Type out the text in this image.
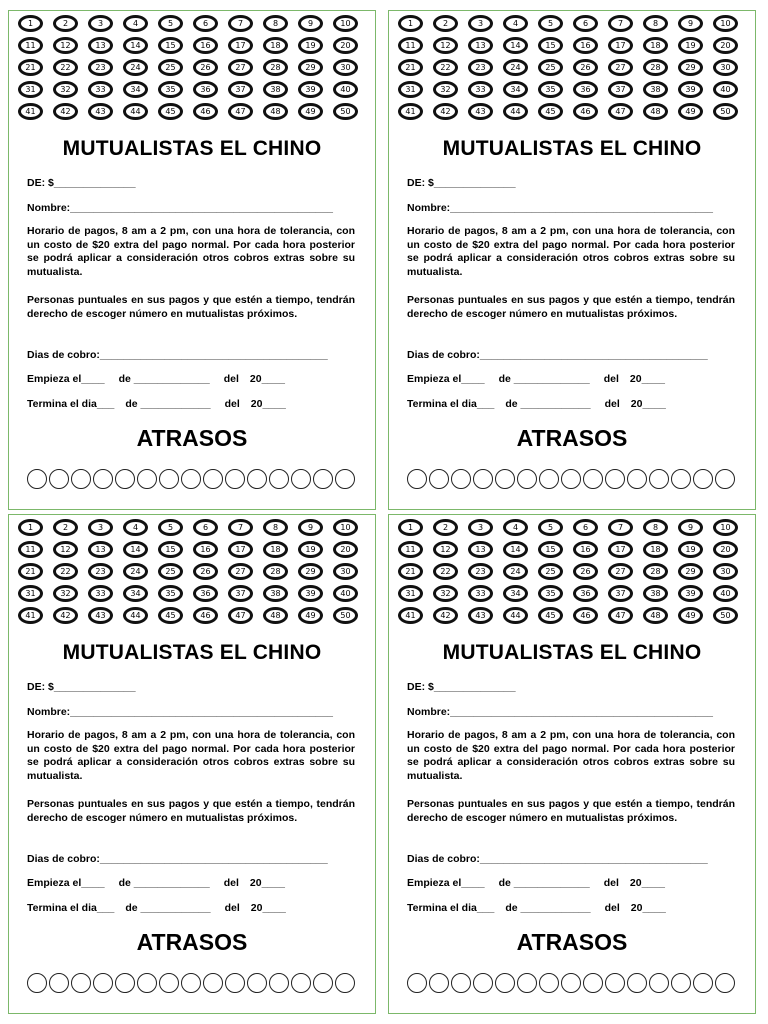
1	2	3	4	5	6	7	8	9	10
11	12	13	14	15	16	17	18	19	20
21	22	23	24	25	26	27	28	29	30
31	32	33	34	35	36	37	38	39	40
41	42	43	44	45	46	47	48	49	50
MUTUALISTAS EL CHINO
DE: $______________
Nombre:_____________________________________________
Horario de pagos, 8 am a 2 pm, con una hora de tolerancia, con un costo de $20 extra del pago normal. Por cada hora posterior se podrá aplicar a consideración otros cobros extras sobre su mutualista.
Personas puntuales en sus pagos y que estén a tiempo, tendrán derecho de escoger número en mutualistas próximos.
Dias de cobro:_______________________________________
Empieza el____ de _____________ del 20____
Termina el dia___ de ____________ del 20____
ATRASOS
1	2	3	4	5	6	7	8	9	10
11	12	13	14	15	16	17	18	19	20
21	22	23	24	25	26	27	28	29	30
31	32	33	34	35	36	37	38	39	40
41	42	43	44	45	46	47	48	49	50
MUTUALISTAS EL CHINO
DE: $______________
Nombre:_____________________________________________
Horario de pagos, 8 am a 2 pm, con una hora de tolerancia, con un costo de $20 extra del pago normal. Por cada hora posterior se podrá aplicar a consideración otros cobros extras sobre su mutualista.
Personas puntuales en sus pagos y que estén a tiempo, tendrán derecho de escoger número en mutualistas próximos.
Dias de cobro:_______________________________________
Empieza el____ de _____________ del 20____
Termina el dia___ de ____________ del 20____
ATRASOS
1	2	3	4	5	6	7	8	9	10
11	12	13	14	15	16	17	18	19	20
21	22	23	24	25	26	27	28	29	30
31	32	33	34	35	36	37	38	39	40
41	42	43	44	45	46	47	48	49	50
MUTUALISTAS EL CHINO
DE: $______________
Nombre:_____________________________________________
Horario de pagos, 8 am a 2 pm, con una hora de tolerancia, con un costo de $20 extra del pago normal. Por cada hora posterior se podrá aplicar a consideración otros cobros extras sobre su mutualista.
Personas puntuales en sus pagos y que estén a tiempo, tendrán derecho de escoger número en mutualistas próximos.
Dias de cobro:_______________________________________
Empieza el____ de _____________ del 20____
Termina el dia___ de ____________ del 20____
ATRASOS
1	2	3	4	5	6	7	8	9	10
11	12	13	14	15	16	17	18	19	20
21	22	23	24	25	26	27	28	29	30
31	32	33	34	35	36	37	38	39	40
41	42	43	44	45	46	47	48	49	50
MUTUALISTAS EL CHINO
DE: $______________
Nombre:_____________________________________________
Horario de pagos, 8 am a 2 pm, con una hora de tolerancia, con un costo de $20 extra del pago normal. Por cada hora posterior se podrá aplicar a consideración otros cobros extras sobre su mutualista.
Personas puntuales en sus pagos y que estén a tiempo, tendrán derecho de escoger número en mutualistas próximos.
Dias de cobro:_______________________________________
Empieza el____ de _____________ del 20____
Termina el dia___ de ____________ del 20____
ATRASOS
